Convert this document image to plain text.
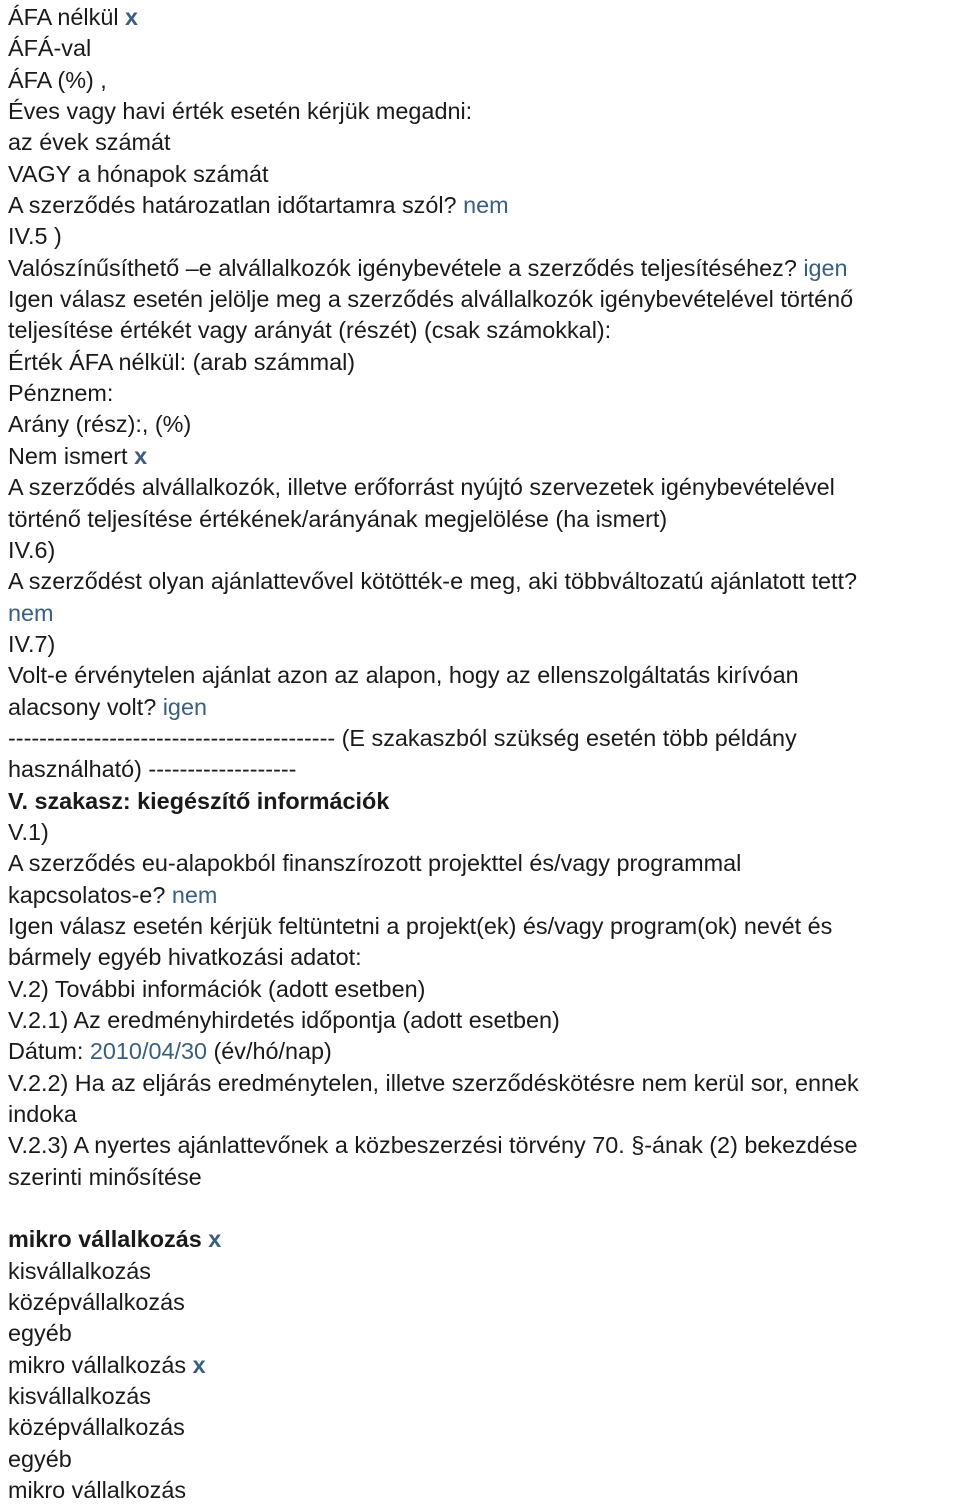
ÁFA nélkül x
ÁFÁ-val
ÁFA (%) ,
Éves vagy havi érték esetén kérjük megadni:
az évek számát
VAGY a hónapok számát
A szerződés határozatlan időtartamra szól? nem
IV.5 )
Valószínűsíthető –e alvállalkozók igénybevétele a szerződés teljesítéséhez? igen
Igen válasz esetén jelölje meg a szerződés alvállalkozók igénybevételével történő
teljesítése értékét vagy arányát (részét) (csak számokkal):
Érték ÁFA nélkül: (arab számmal)
Pénznem:
Arány (rész):, (%)
Nem ismert x
A szerződés alvállalkozók, illetve erőforrást nyújtó szervezetek igénybevételével
történő teljesítése értékének/arányának megjelölése (ha ismert)
IV.6)
A szerződést olyan ajánlattevővel kötötték-e meg, aki többváltozatú ajánlatott tett?
nem
IV.7)
Volt-e érvénytelen ajánlat azon az alapon, hogy az ellenszolgáltatás kirívóan
alacsony volt? igen
------------------------------------------ (E szakaszból szükség esetén több példány
használható) -------------------
V. szakasz: kiegészítő információk
V.1)
A szerződés eu-alapokból finanszírozott projekttel és/vagy programmal
kapcsolatos-e? nem
Igen válasz esetén kérjük feltüntetni a projekt(ek) és/vagy program(ok) nevét és
bármely egyéb hivatkozási adatot:
V.2) További információk (adott esetben)
V.2.1) Az eredményhirdetés időpontja (adott esetben)
Dátum: 2010/04/30 (év/hó/nap)
V.2.2) Ha az eljárás eredménytelen, illetve szerződéskötésre nem kerül sor, ennek
indoka
V.2.3) A nyertes ajánlattevőnek a közbeszerzési törvény 70. §-ának (2) bekezdése
szerinti minősítése
mikro vállalkozás x
kisvállalkozás
középvállalkozás
egyéb
mikro vállalkozás x
kisvállalkozás
középvállalkozás
egyéb
mikro vállalkozás
